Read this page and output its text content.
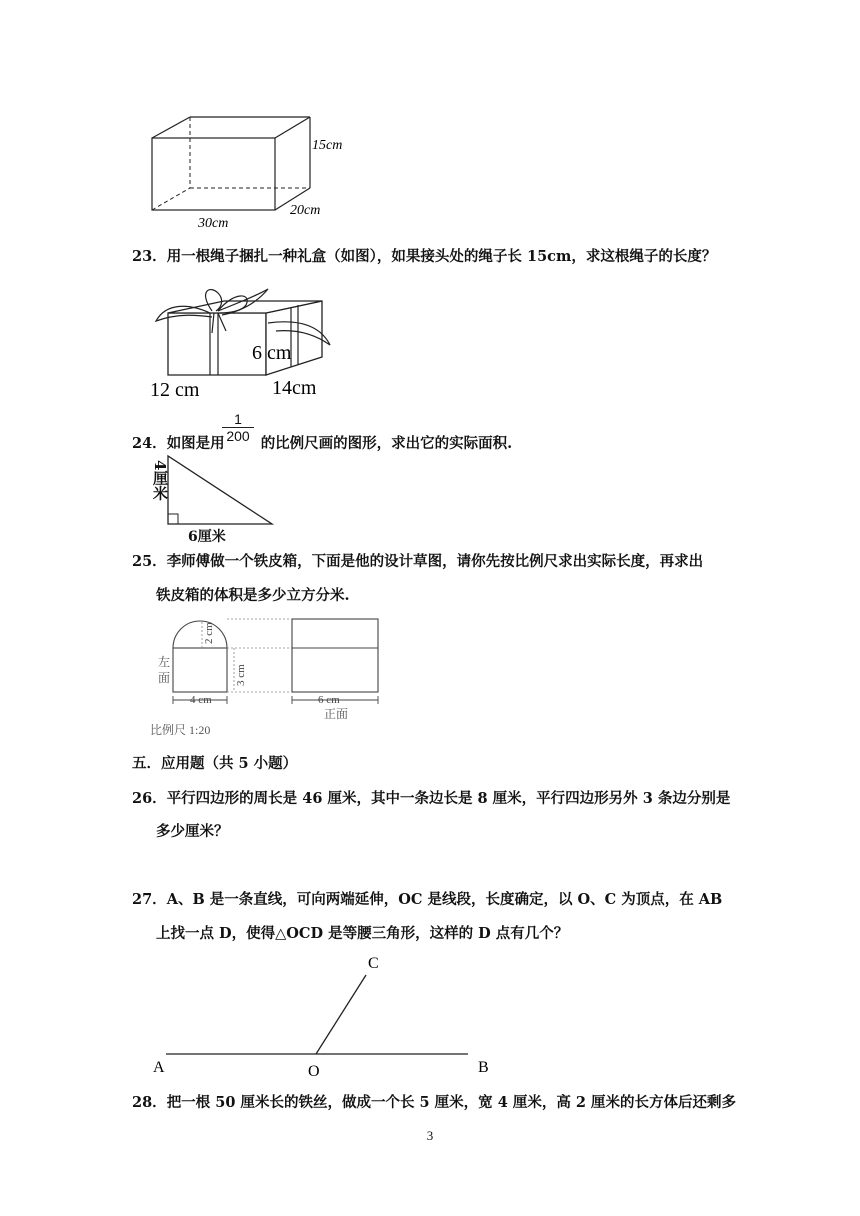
15cm
30cm
20cm
23．用一根绳子捆扎一种礼盒（如图），如果接头处的绳子长 15cm，求这根绳子的长度？
6 cm
12 cm	14cm
24．如图是用 的比例尺画的图形，求出它的实际面积.
$\frac{1}{200}$
4厘米
6厘米
25．李师傅做一个铁皮箱，下面是他的设计草图，请你先按比例尺求出实际长度，再求出
铁皮箱的体积是多少立方分米.
2 cm
3 cm
左
面
4 cm	6 cm
正面
比例尺 1:20
五．应用题（共 5 小题）
26．平行四边形的周长是 46 厘米，其中一条边长是 8 厘米，平行四边形另外 3 条边分别是
多少厘米？
27．A、B 是一条直线，可向两端延伸，OC 是线段，长度确定，以 O、C 为顶点，在 AB
上找一点 D，使得△OCD 是等腰三角形，这样的 D 点有几个？
A	B
C
O
28．把一根 50 厘米长的铁丝，做成一个长 5 厘米，宽 4 厘米，高 2 厘米的长方体后还剩多
3
